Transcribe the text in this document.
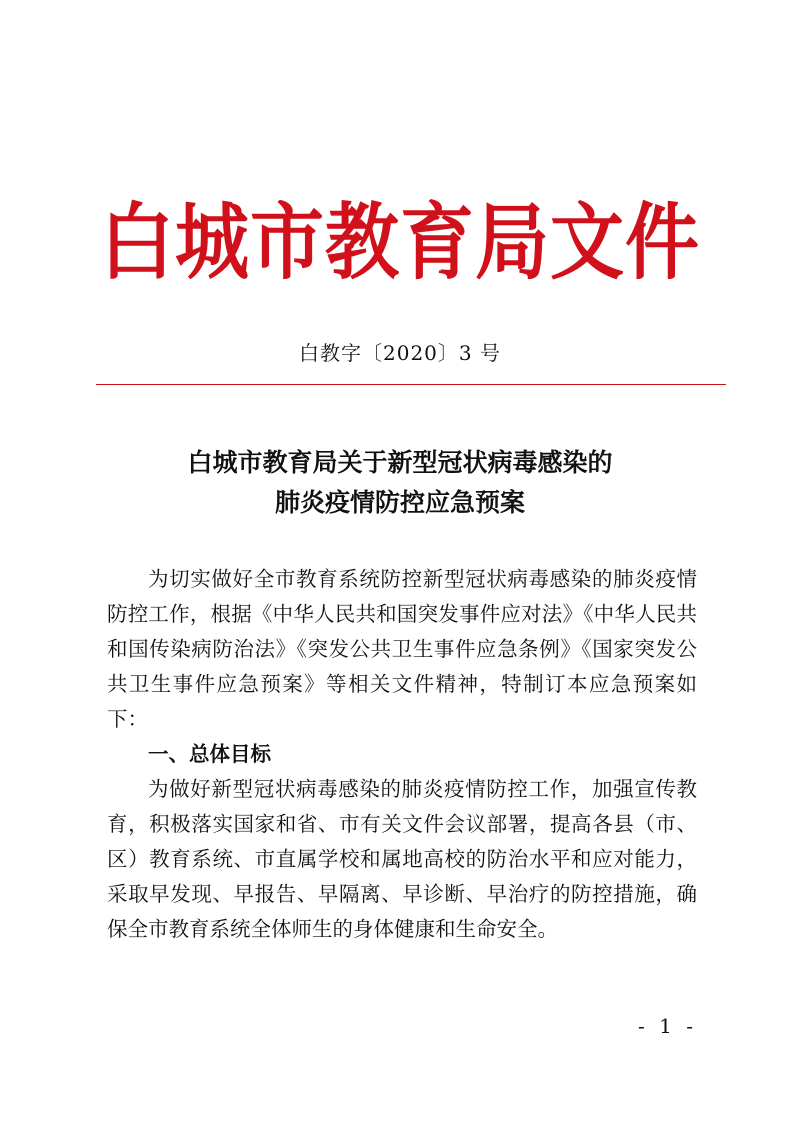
白城市教育局文件
白教字〔2020〕3 号
白城市教育局关于新型冠状病毒感染的
肺炎疫情防控应急预案

为切实做好全市教育系统防控新型冠状病毒感染的肺炎疫情防控工作，根据《中华人民共和国突发事件应对法》《中华人民共和国传染病防治法》《突发公共卫生事件应急条例》《国家突发公共卫生事件应急预案》等相关文件精神，特制订本应急预案如下：

一、总体目标

为做好新型冠状病毒感染的肺炎疫情防控工作，加强宣传教育，积极落实国家和省、市有关文件会议部署，提高各县（市、区）教育系统、市直属学校和属地高校的防治水平和应对能力，采取早发现、早报告、早隔离、早诊断、早治疗的防控措施，确保全市教育系统全体师生的身体健康和生命安全。

- 1 -
